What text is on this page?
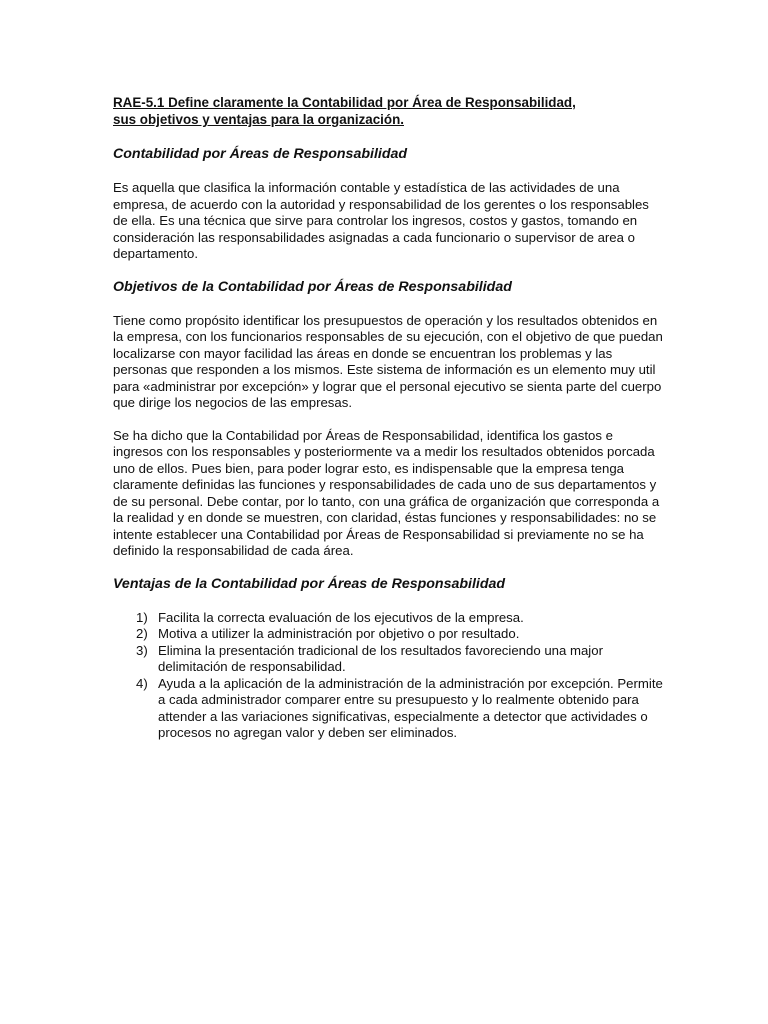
RAE-5.1 Define claramente la Contabilidad por Área de Responsabilidad,
sus objetivos y ventajas para la organización.

Contabilidad por Áreas de Responsabilidad

Es aquella que clasifica la información contable y estadística de las actividades de una empresa, de acuerdo con la autoridad y responsabilidad de los gerentes o los responsables de ella. Es una técnica que sirve para controlar los ingresos, costos y gastos, tomando en consideración las responsabilidades asignadas a cada funcionario o supervisor de area o departamento.

Objetivos de la Contabilidad por Áreas de Responsabilidad

Tiene como propósito identificar los presupuestos de operación y los resultados obtenidos en la empresa, con los funcionarios responsables de su ejecución, con el objetivo de que puedan localizarse con mayor facilidad las áreas en donde se encuentran los problemas y las personas que responden a los mismos. Este sistema de información es un elemento muy util para «administrar por excepción» y lograr que el personal ejecutivo se sienta parte del cuerpo que dirige los negocios de las empresas.

Se ha dicho que la Contabilidad por Áreas de Responsabilidad, identifica los gastos e ingresos con los responsables y posteriormente va a medir los resultados obtenidos porcada uno de ellos. Pues bien, para poder lograr esto, es indispensable que la empresa tenga claramente definidas las funciones y responsabilidades de cada uno de sus departamentos y de su personal. Debe contar, por lo tanto, con una gráfica de organización que corresponda a la realidad y en donde se muestren, con claridad, éstas funciones y responsabilidades: no se intente establecer una Contabilidad por Áreas de Responsabilidad si previamente no se ha definido la responsabilidad de cada área.

Ventajas de la Contabilidad por Áreas de Responsabilidad
1) Facilita la correcta evaluación de los ejecutivos de la empresa.
2) Motiva a utilizer la administración por objetivo o por resultado.
3) Elimina la presentación tradicional de los resultados favoreciendo una major delimitación de responsabilidad.
4) Ayuda a la aplicación de la administración de la administración por excepción. Permite a cada administrador comparer entre su presupuesto y lo realmente obtenido para attender a las variaciones significativas, especialmente a detector que actividades o procesos no agregan valor y deben ser eliminados.
